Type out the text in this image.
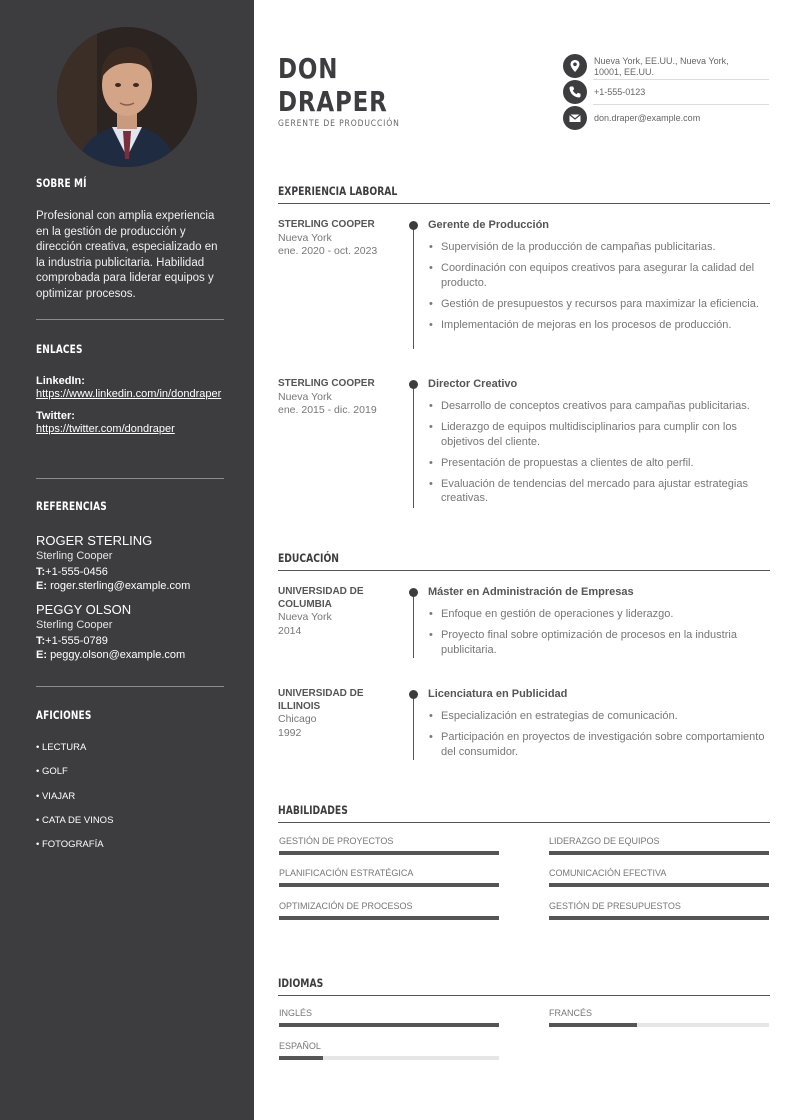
SOBRE MÍ
Profesional con amplia experiencia en la gestión de producción y dirección creativa, especializado en la industria publicitaria. Habilidad comprobada para liderar equipos y optimizar procesos.
ENLACES
LinkedIn:
https://www.linkedin.com/in/dondraper
Twitter:
https://twitter.com/dondraper
REFERENCIAS
ROGER STERLING
Sterling Cooper
T:+1-555-0456
E: roger.sterling@example.com
PEGGY OLSON
Sterling Cooper
T:+1-555-0789
E: peggy.olson@example.com
AFICIONES
• LECTURA
• GOLF
• VIAJAR
• CATA DE VINOS
• FOTOGRAFÍA
DON
DRAPER
GERENTE DE PRODUCCIÓN
Nueva York, EE.UU., Nueva York, 10001, EE.UU.
+1-555-0123
don.draper@example.com
EXPERIENCIA LABORAL
STERLING COOPER
Nueva York
ene. 2020 - oct. 2023
Gerente de Producción
• Supervisión de la producción de campañas publicitarias.
• Coordinación con equipos creativos para asegurar la calidad del producto.
• Gestión de presupuestos y recursos para maximizar la eficiencia.
• Implementación de mejoras en los procesos de producción.
STERLING COOPER
Nueva York
ene. 2015 - dic. 2019
Director Creativo
• Desarrollo de conceptos creativos para campañas publicitarias.
• Liderazgo de equipos multidisciplinarios para cumplir con los objetivos del cliente.
• Presentación de propuestas a clientes de alto perfil.
• Evaluación de tendencias del mercado para ajustar estrategias creativas.
EDUCACIÓN
UNIVERSIDAD DE COLUMBIA
Nueva York
2014
Máster en Administración de Empresas
• Enfoque en gestión de operaciones y liderazgo.
• Proyecto final sobre optimización de procesos en la industria publicitaria.
UNIVERSIDAD DE ILLINOIS
Chicago
1992
Licenciatura en Publicidad
• Especialización en estrategias de comunicación.
• Participación en proyectos de investigación sobre comportamiento del consumidor.
HABILIDADES
GESTIÓN DE PROYECTOS	LIDERAZGO DE EQUIPOS
PLANIFICACIÓN ESTRATÉGICA	COMUNICACIÓN EFECTIVA
OPTIMIZACIÓN DE PROCESOS	GESTIÓN DE PRESUPUESTOS
IDIOMAS
INGLÉS	FRANCÉS
ESPAÑOL
